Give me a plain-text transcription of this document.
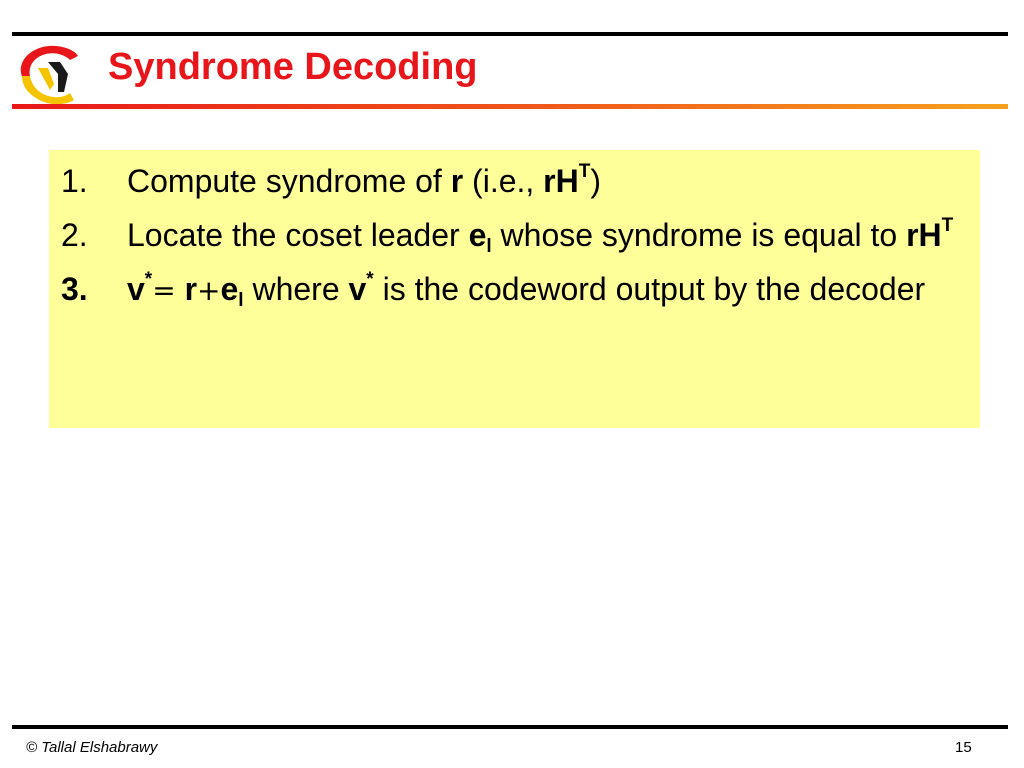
Syndrome Decoding
1.	Compute syndrome of r (i.e., $rH^T$)
2.	Locate the coset leader $e_l$ whose syndrome is equal to $rH^T$
3.	$v^*= r+e_l$ where v* is the codeword output by the decoder
© Tallal Elshabrawy	15
